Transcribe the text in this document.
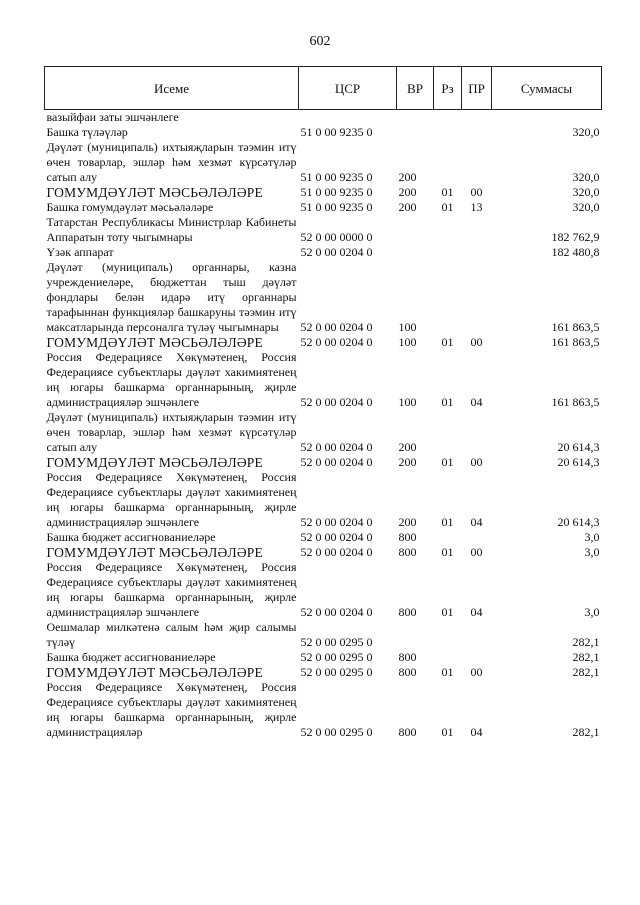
602
Исеме	ЦСР	ВР	Рз	ПР	Суммасы
вазыйфаи заты эшчәнлеге					
Башка түләүләр	51 0 00 9235 0				320,0
Дәүләт (муниципаль) ихтыяҗларын тәэмин итү өчен товарлар, эшләр һәм хезмәт күрсәтүләр сатып алу	51 0 00 9235 0	200			320,0
ГОМУМДӘҮЛӘТ МӘСЬӘЛӘЛӘРЕ	51 0 00 9235 0	200	01	00	320,0
Башка гомумдәүләт мәсьәләләре	51 0 00 9235 0	200	01	13	320,0
Татарстан Республикасы Министрлар Кабинеты Аппаратын тоту чыгымнары	52 0 00 0000 0				182 762,9
Үзәк аппарат	52 0 00 0204 0				182 480,8
Дәүләт (муниципаль) органнары, казна учреждениеләре, бюджеттан тыш дәүләт фондлары белән идарә итү органнары тарафыннан функцияләр башкаруны тәэмин итү максатларында персоналга түләү чыгымнары	52 0 00 0204 0	100			161 863,5
ГОМУМДӘҮЛӘТ МӘСЬӘЛӘЛӘРЕ	52 0 00 0204 0	100	01	00	161 863,5
Россия Федерациясе Хөкүмәтенең, Россия Федерациясе субъектлары дәүләт хакимиятенең иң югары башкарма органнарының, җирле администрацияләр эшчәнлеге	52 0 00 0204 0	100	01	04	161 863,5
Дәүләт (муниципаль) ихтыяҗларын тәэмин итү өчен товарлар, эшләр һәм хезмәт күрсәтүләр сатып алу	52 0 00 0204 0	200			20 614,3
ГОМУМДӘҮЛӘТ МӘСЬӘЛӘЛӘРЕ	52 0 00 0204 0	200	01	00	20 614,3
Россия Федерациясе Хөкүмәтенең, Россия Федерациясе субъектлары дәүләт хакимиятенең иң югары башкарма органнарының, җирле администрацияләр эшчәнлеге	52 0 00 0204 0	200	01	04	20 614,3
Башка бюджет ассигнованиеләре	52 0 00 0204 0	800			3,0
ГОМУМДӘҮЛӘТ МӘСЬӘЛӘЛӘРЕ	52 0 00 0204 0	800	01	00	3,0
Россия Федерациясе Хөкүмәтенең, Россия Федерациясе субъектлары дәүләт хакимиятенең иң югары башкарма органнарының, җирле администрацияләр эшчәнлеге	52 0 00 0204 0	800	01	04	3,0
Оешмалар милкәтенә салым һәм җир салымы түләү	52 0 00 0295 0				282,1
Башка бюджет ассигнованиеләре	52 0 00 0295 0	800			282,1
ГОМУМДӘҮЛӘТ МӘСЬӘЛӘЛӘРЕ	52 0 00 0295 0	800	01	00	282,1
Россия Федерациясе Хөкүмәтенең, Россия Федерациясе субъектлары дәүләт хакимиятенең иң югары башкарма органнарының, җирле администрацияләр	52 0 00 0295 0	800	01	04	282,1
